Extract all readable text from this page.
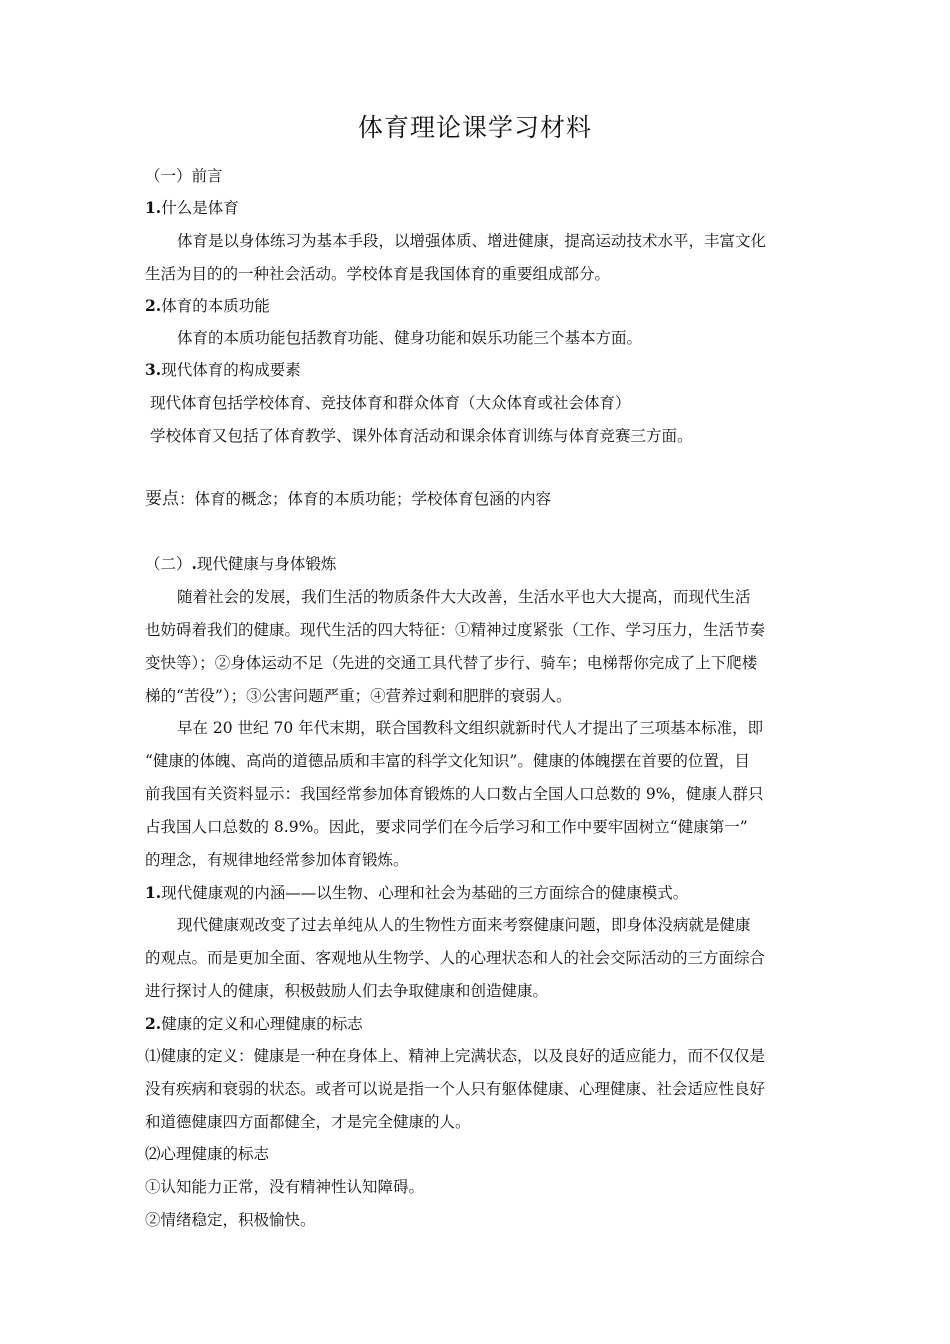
体育理论课学习材料
（一）前言
1.什么是体育
体育是以身体练习为基本手段，以增强体质、增进健康，提高运动技术水平，丰富文化
生活为目的的一种社会活动。学校体育是我国体育的重要组成部分。
2.体育的本质功能
体育的本质功能包括教育功能、健身功能和娱乐功能三个基本方面。
3.现代体育的构成要素
现代体育包括学校体育、竞技体育和群众体育（大众体育或社会体育）
学校体育又包括了体育教学、课外体育活动和课余体育训练与体育竞赛三方面。
要点：体育的概念；体育的本质功能；学校体育包涵的内容
（二）.现代健康与身体锻炼
随着社会的发展，我们生活的物质条件大大改善，生活水平也大大提高，而现代生活
也妨碍着我们的健康。现代生活的四大特征：①精神过度紧张（工作、学习压力，生活节奏
变快等）；②身体运动不足（先进的交通工具代替了步行、骑车；电梯帮你完成了上下爬楼
梯的“苦役”）；③公害问题严重；④营养过剩和肥胖的衰弱人。
早在 20 世纪 70 年代末期，联合国教科文组织就新时代人才提出了三项基本标准，即
“健康的体魄、高尚的道德品质和丰富的科学文化知识”。健康的体魄摆在首要的位置，目
前我国有关资料显示：我国经常参加体育锻炼的人口数占全国人口总数的 9%，健康人群只
占我国人口总数的 8.9%。因此，要求同学们在今后学习和工作中要牢固树立“健康第一”
的理念，有规律地经常参加体育锻炼。
1.现代健康观的内涵——以生物、心理和社会为基础的三方面综合的健康模式。
现代健康观改变了过去单纯从人的生物性方面来考察健康问题，即身体没病就是健康
的观点。而是更加全面、客观地从生物学、人的心理状态和人的社会交际活动的三方面综合
进行探讨人的健康，积极鼓励人们去争取健康和创造健康。
2.健康的定义和心理健康的标志
⑴健康的定义：健康是一种在身体上、精神上完满状态，以及良好的适应能力，而不仅仅是
没有疾病和衰弱的状态。或者可以说是指一个人只有躯体健康、心理健康、社会适应性良好
和道德健康四方面都健全，才是完全健康的人。
⑵心理健康的标志
①认知能力正常，没有精神性认知障碍。
②情绪稳定，积极愉快。
